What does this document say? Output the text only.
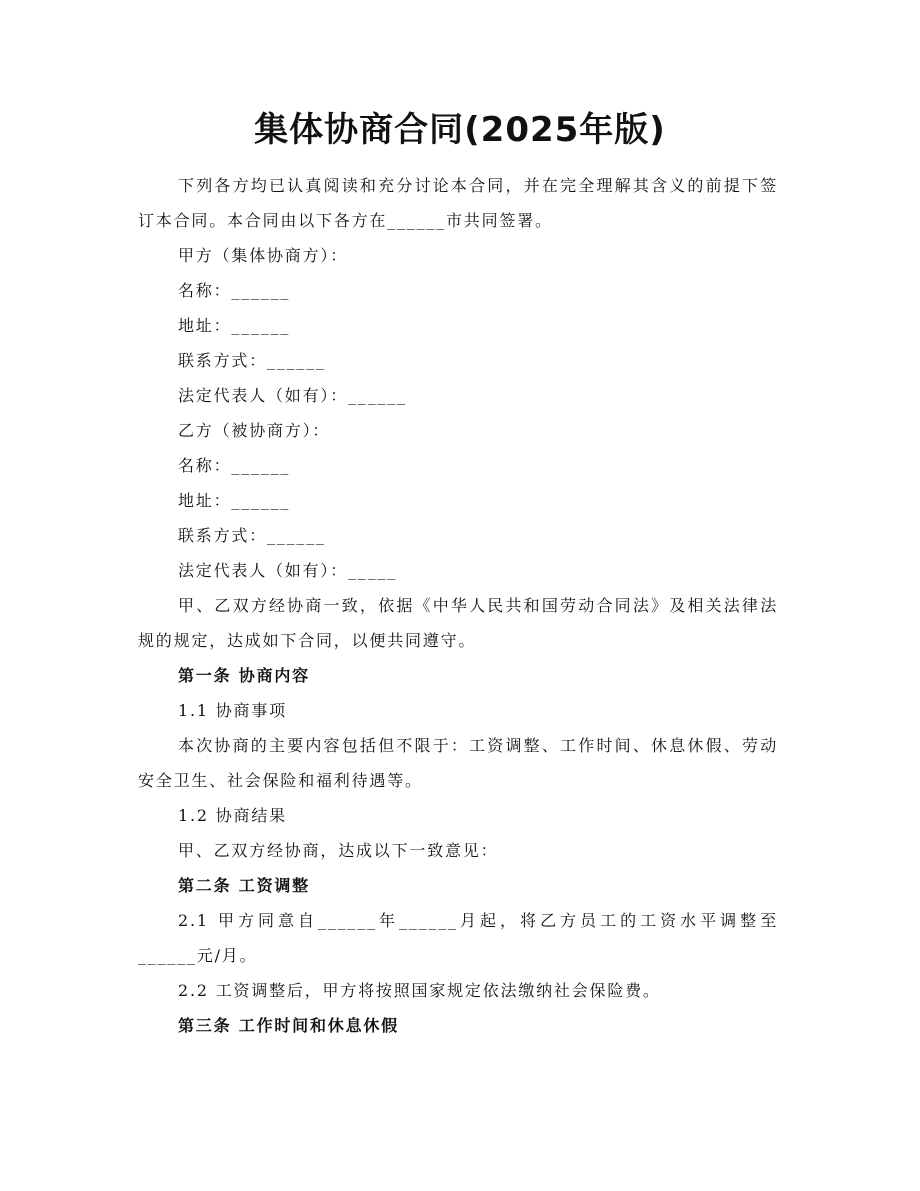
集体协商合同(2025年版)

下列各方均已认真阅读和充分讨论本合同，并在完全理解其含义的前提下签订本合同。本合同由以下各方在______市共同签署。

甲方（集体协商方）：

名称：______

地址：______

联系方式：______

法定代表人（如有）：______

乙方（被协商方）：

名称：______

地址：______

联系方式：______

法定代表人（如有）：_____

甲、乙双方经协商一致，依据《中华人民共和国劳动合同法》及相关法律法规的规定，达成如下合同，以便共同遵守。

第一条 协商内容

1.1 协商事项

本次协商的主要内容包括但不限于：工资调整、工作时间、休息休假、劳动安全卫生、社会保险和福利待遇等。

1.2 协商结果

甲、乙双方经协商，达成以下一致意见：

第二条 工资调整

2.1 甲方同意自______年______月起，将乙方员工的工资水平调整至______元/月。

2.2 工资调整后，甲方将按照国家规定依法缴纳社会保险费。

第三条 工作时间和休息休假
